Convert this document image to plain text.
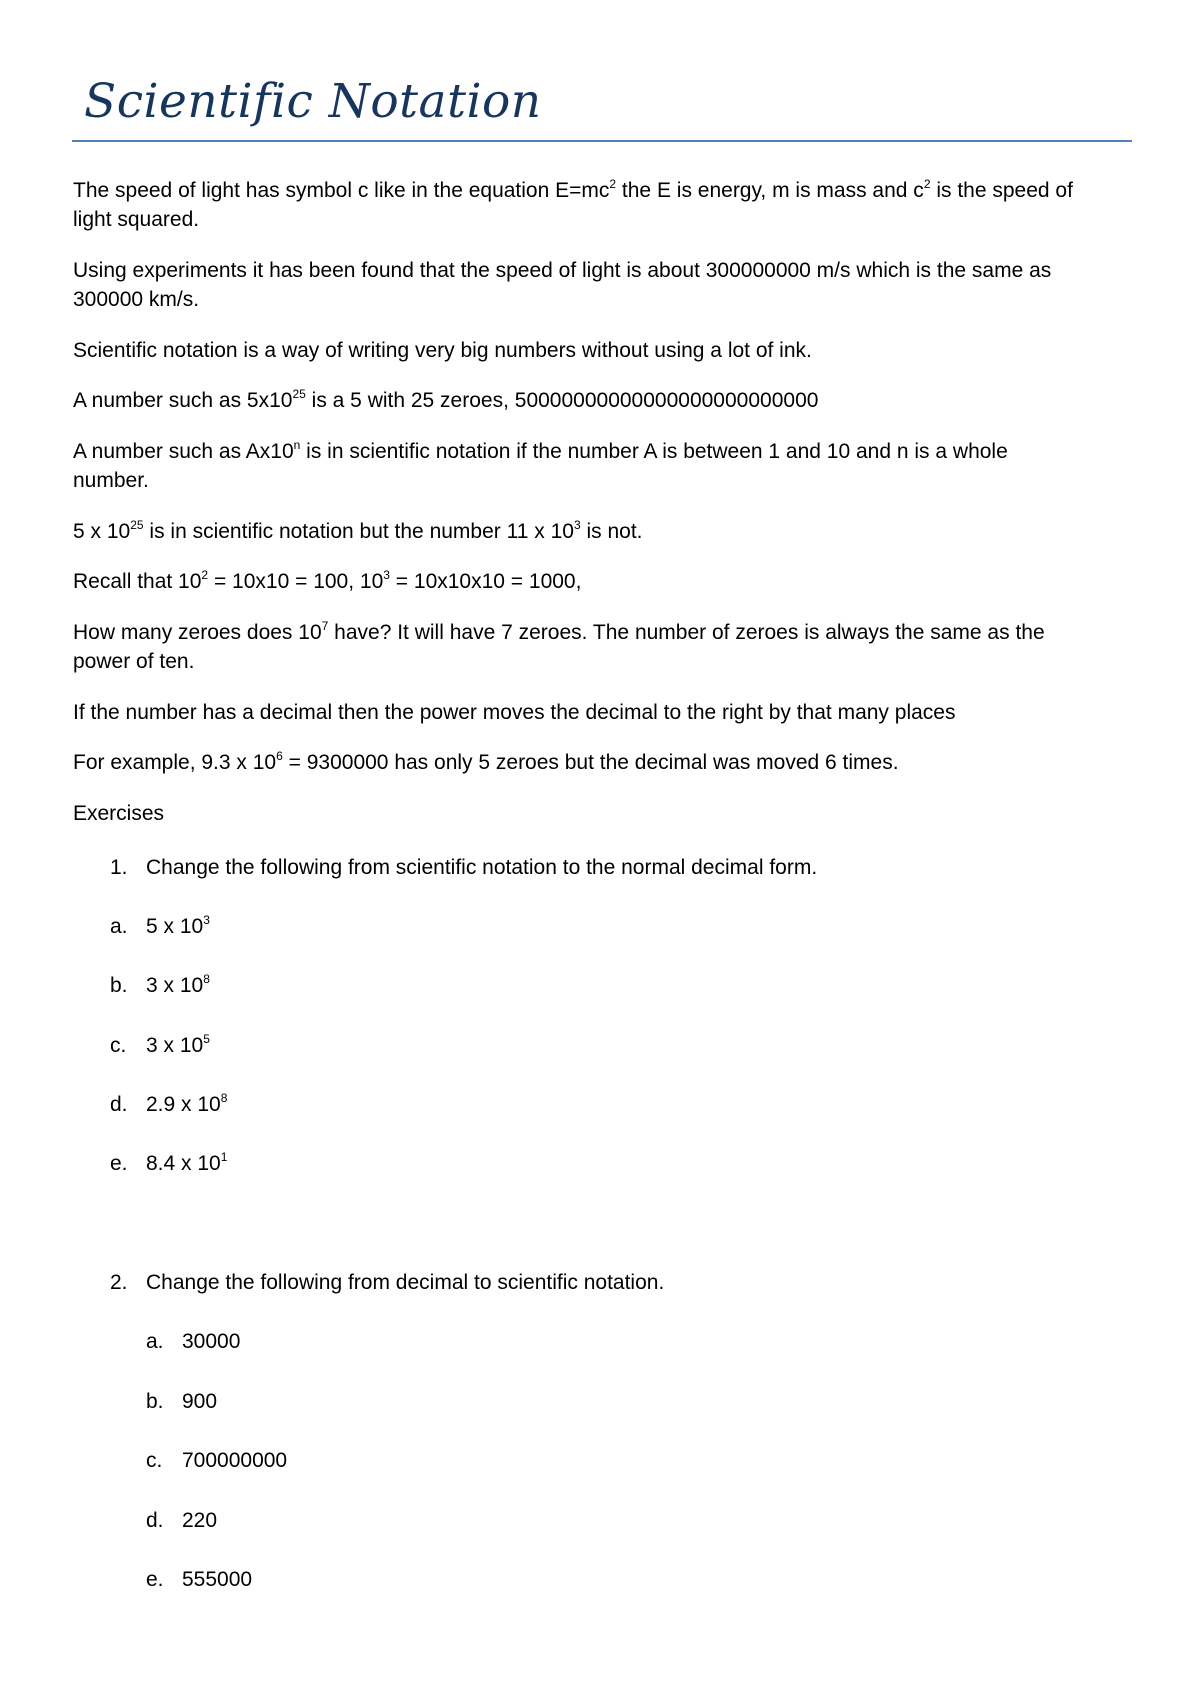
Scientific Notation
The speed of light has symbol c like in the equation $E=mc^2$ the E is energy, m is mass and $c^2$ is the speed of
light squared.
Using experiments it has been found that the speed of light is about 300000000 m/s which is the same as
300000 km/s.
Scientific notation is a way of writing very big numbers without using a lot of ink.
A number such as $5x10^{25}$ is a 5 with 25 zeroes, 50000000000000000000000000
A number such as Ax10$^n$ is in scientific notation if the number A is between 1 and 10 and n is a whole
number.
5 x $10^{25}$ is in scientific notation but the number 11 x $10^3$ is not.
Recall that $10^2 = 10x10 = 100$, $10^3 = 10x10x10 = 1000$,
How many zeroes does $10^7$ have? It will have 7 zeroes. The number of zeroes is always the same as the
power of ten.
If the number has a decimal then the power moves the decimal to the right by that many places
For example, 9.3 x $10^6 = 9300000$ has only 5 zeroes but the decimal was moved 6 times.
Exercises
1. Change the following from scientific notation to the normal decimal form.
a. 5 x $10^3$
b. 3 x $10^8$
c. 3 x $10^5$
d. 2.9 x $10^8$
e. 8.4 x $10^1$
2. Change the following from decimal to scientific notation.
a. 30000
b. 900
c. 700000000
d. 220
e. 555000
